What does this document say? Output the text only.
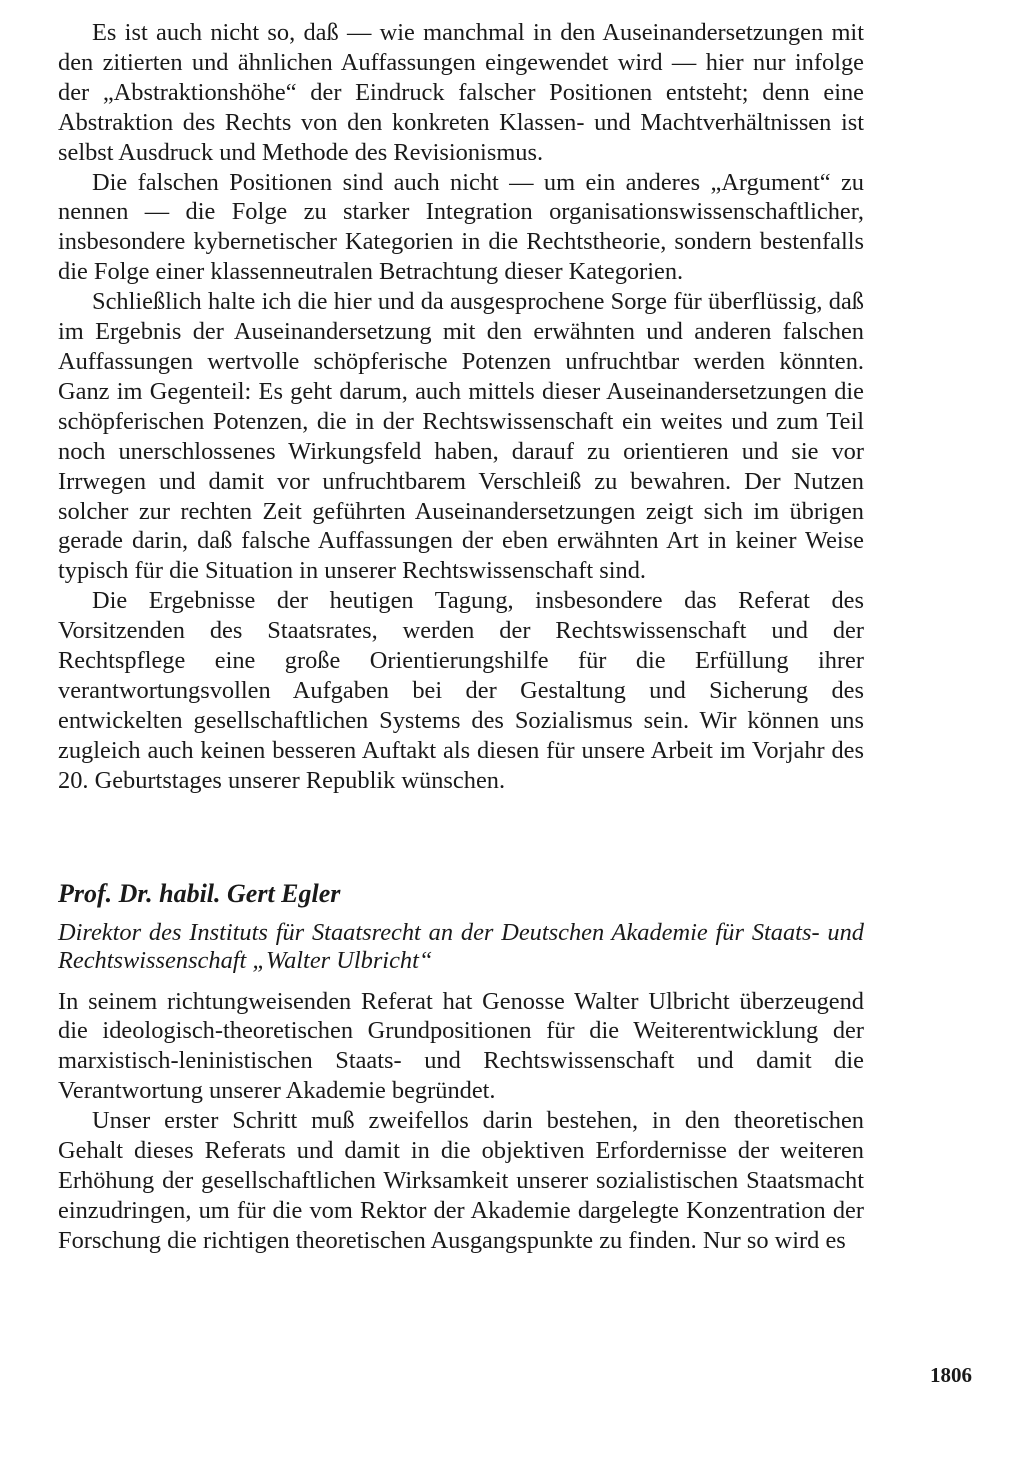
Es ist auch nicht so, daß — wie manchmal in den Auseinandersetzungen mit den zitierten und ähnlichen Auffassungen eingewendet wird — hier nur infolge der „Abstraktionshöhe“ der Eindruck falscher Positionen entsteht; denn eine Abstraktion des Rechts von den konkreten Klassen- und Machtverhältnissen ist selbst Ausdruck und Methode des Revisionismus.

Die falschen Positionen sind auch nicht — um ein anderes „Argument“ zu nennen — die Folge zu starker Integration organisationswissenschaftlicher, insbesondere kybernetischer Kategorien in die Rechtstheorie, sondern bestenfalls die Folge einer klassenneutralen Betrachtung dieser Kategorien.

Schließlich halte ich die hier und da ausgesprochene Sorge für überflüssig, daß im Ergebnis der Auseinandersetzung mit den erwähnten und anderen falschen Auffassungen wertvolle schöpferische Potenzen unfruchtbar werden könnten. Ganz im Gegenteil: Es geht darum, auch mittels dieser Auseinandersetzungen die schöpferischen Potenzen, die in der Rechtswissenschaft ein weites und zum Teil noch unerschlossenes Wirkungsfeld haben, darauf zu orientieren und sie vor Irrwegen und damit vor unfruchtbarem Verschleiß zu bewahren. Der Nutzen solcher zur rechten Zeit geführten Auseinandersetzungen zeigt sich im übrigen gerade darin, daß falsche Auffassungen der eben erwähnten Art in keiner Weise typisch für die Situation in unserer Rechtswissenschaft sind.

Die Ergebnisse der heutigen Tagung, insbesondere das Referat des Vorsitzenden des Staatsrates, werden der Rechtswissenschaft und der Rechtspflege eine große Orientierungshilfe für die Erfüllung ihrer verantwortungsvollen Aufgaben bei der Gestaltung und Sicherung des entwickelten gesellschaftlichen Systems des Sozialismus sein. Wir können uns zugleich auch keinen besseren Auftakt als diesen für unsere Arbeit im Vorjahr des 20. Geburtstages unserer Republik wünschen.

Prof. Dr. habil. Gert Egler

Direktor des Instituts für Staatsrecht an der Deutschen Akademie für Staats- und Rechtswissenschaft „Walter Ulbricht“

In seinem richtungweisenden Referat hat Genosse Walter Ulbricht überzeugend die ideologisch-theoretischen Grundpositionen für die Weiterentwicklung der marxistisch-leninistischen Staats- und Rechtswissenschaft und damit die Verantwortung unserer Akademie begründet.

Unser erster Schritt muß zweifellos darin bestehen, in den theoretischen Gehalt dieses Referats und damit in die objektiven Erfordernisse der weiteren Erhöhung der gesellschaftlichen Wirksamkeit unserer sozialistischen Staatsmacht einzudringen, um für die vom Rektor der Akademie dargelegte Konzentration der Forschung die richtigen theoretischen Ausgangspunkte zu finden. Nur so wird es

1806
